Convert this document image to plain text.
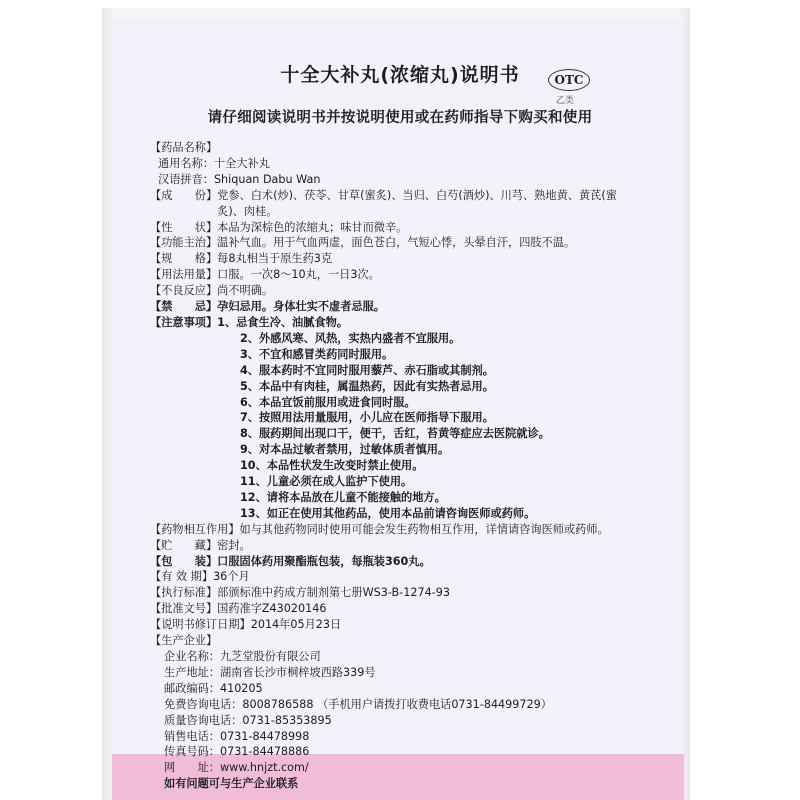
十全大补丸(浓缩丸)说明书	OTC
乙类
请仔细阅读说明书并按说明使用或在药师指导下购买和使用
【药品名称】
通用名称： 十全大补丸
汉语拼音： Shiquan Dabu Wan
【成　　份】 党参、白术(炒)、茯苓、甘草(蜜炙)、当归、白芍(酒炒)、川芎、熟地黄、黄芪(蜜炙)、肉桂。
【性　　状】 本品为深棕色的浓缩丸；味甘而微辛。
【功能主治】 温补气血。用于气血两虚，面色苍白，气短心悸，头晕自汗，四肢不温。
【规　　格】 每8丸相当于原生药3克
【用法用量】 口服。一次8～10丸，一日3次。
【不良反应】 尚不明确。
【禁　　忌】 孕妇忌用。身体壮实不虚者忌服。
【注意事项】 1、忌食生冷、油腻食物。
2、外感风寒、风热，实热内盛者不宜服用。
3、不宜和感冒类药同时服用。
4、服本药时不宜同时服用藜芦、赤石脂或其制剂。
5、本品中有肉桂，属温热药，因此有实热者忌用。
6、本品宜饭前服用或进食同时服。
7、按照用法用量服用，小儿应在医师指导下服用。
8、服药期间出现口干，便干，舌红，苔黄等症应去医院就诊。
9、对本品过敏者禁用，过敏体质者慎用。
10、本品性状发生改变时禁止使用。
11、儿童必须在成人监护下使用。
12、请将本品放在儿童不能接触的地方。
13、如正在使用其他药品，使用本品前请咨询医师或药师。
【药物相互作用】 如与其他药物同时使用可能会发生药物相互作用，详情请咨询医师或药师。
【贮　　藏】 密封。
【包　　装】 口服固体药用聚酯瓶包装，每瓶装360丸。
【有 效 期】 36个月
【执行标准】 部颁标准中药成方制剂第七册WS3-B-1274-93
【批准文号】 国药准字Z43020146
【说明书修订日期】 2014年05月23日
【生产企业】
企业名称： 九芝堂股份有限公司
生产地址： 湖南省长沙市桐梓坡西路339号
邮政编码： 410205
免费咨询电话： 8008786588 （手机用户请拨打收费电话0731-84499729）
质量咨询电话： 0731-85353895
销售电话： 0731-84478998
传真号码： 0731-84478886
网　　址： www.hnjzt.com/
如有问题可与生产企业联系
